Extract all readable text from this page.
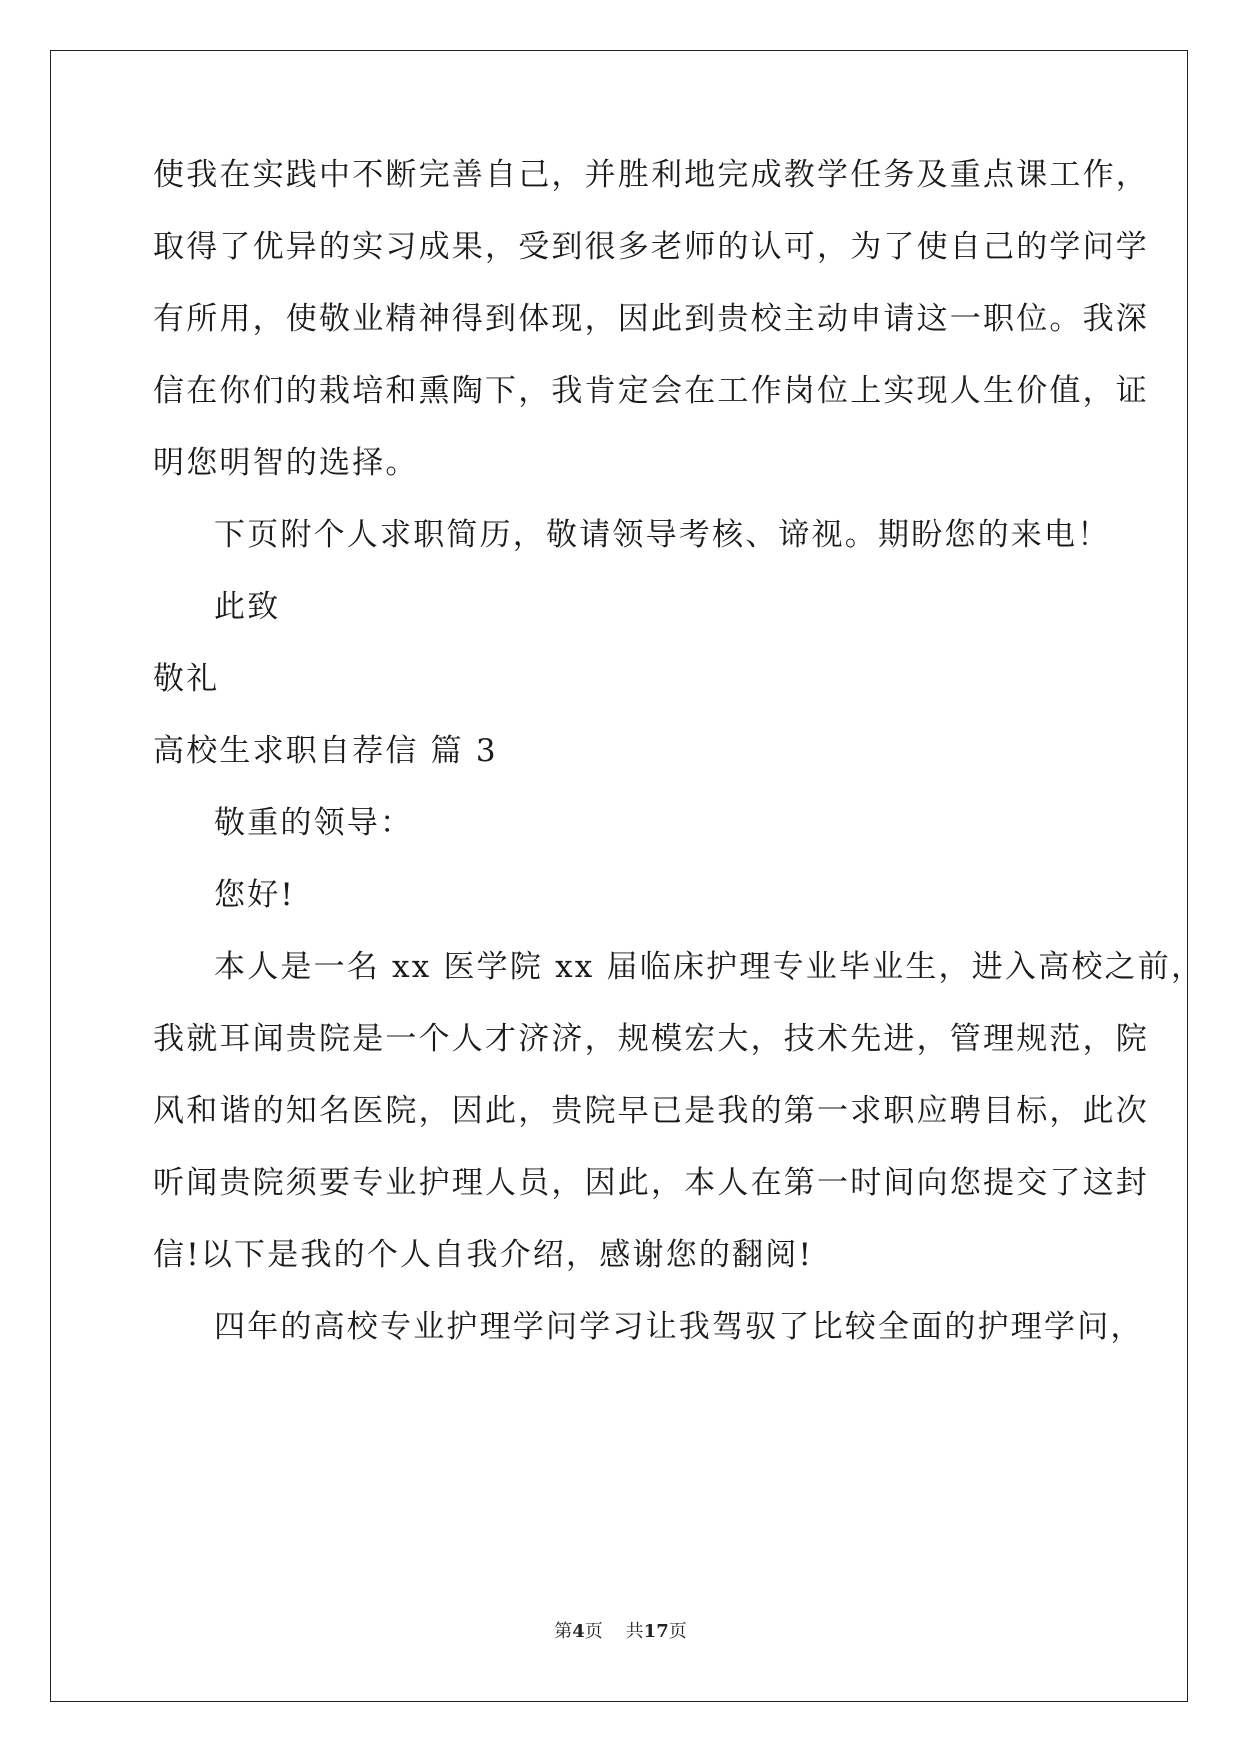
使我在实践中不断完善自己，并胜利地完成教学任务及重点课工作，
取得了优异的实习成果，受到很多老师的认可，为了使自己的学问学
有所用，使敬业精神得到体现，因此到贵校主动申请这一职位。我深
信在你们的栽培和熏陶下，我肯定会在工作岗位上实现人生价值，证
明您明智的选择。
下页附个人求职简历，敬请领导考核、谛视。期盼您的来电！
此致
敬礼
高校生求职自荐信 篇 3
敬重的领导：
您好!
本人是一名 xx 医学院 xx 届临床护理专业毕业生，进入高校之前，
我就耳闻贵院是一个人才济济，规模宏大，技术先进，管理规范，院
风和谐的知名医院，因此，贵院早已是我的第一求职应聘目标，此次
听闻贵院须要专业护理人员，因此，本人在第一时间向您提交了这封
信!以下是我的个人自我介绍，感谢您的翻阅!
四年的高校专业护理学问学习让我驾驭了比较全面的护理学问，
第4页 共17页
